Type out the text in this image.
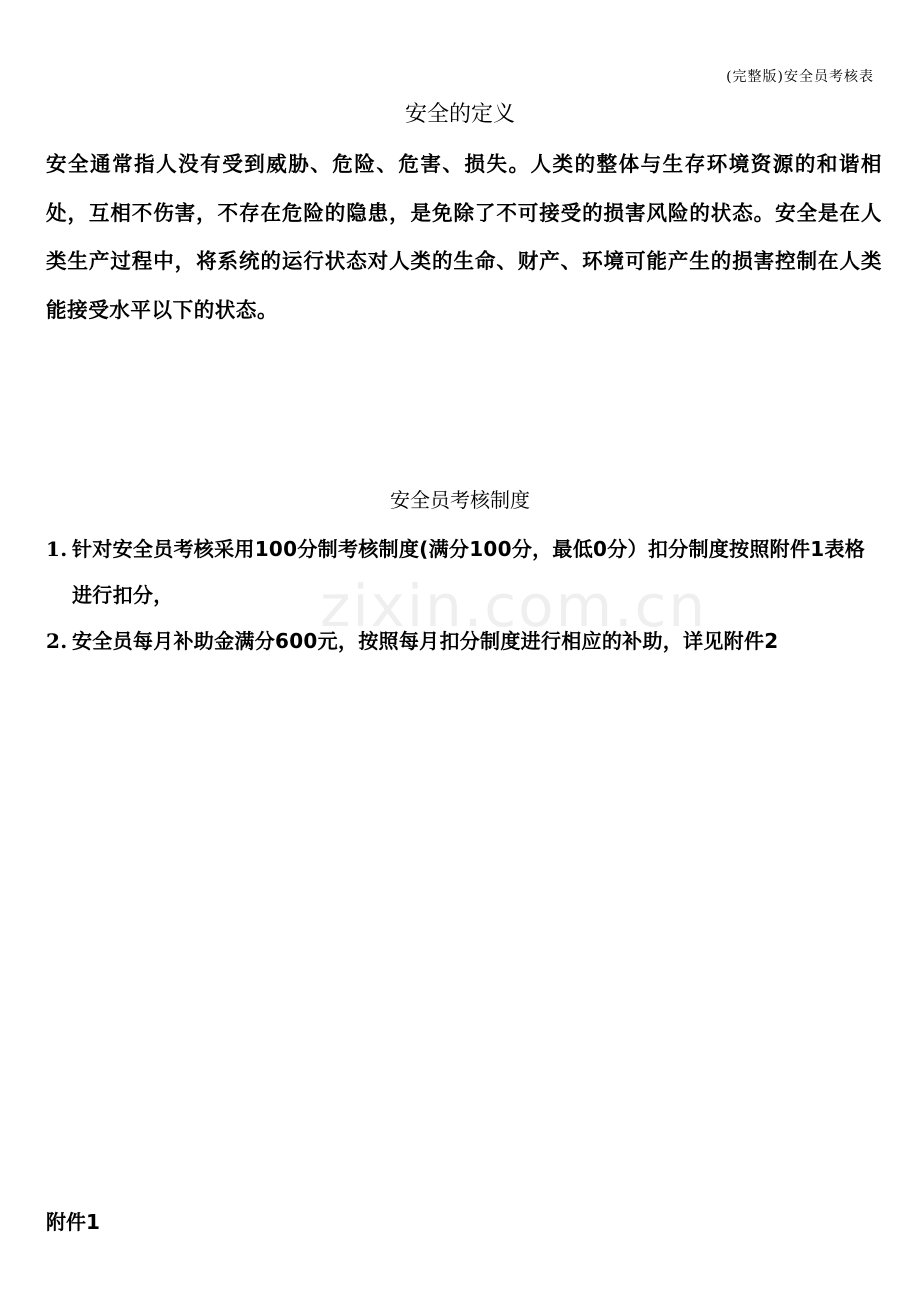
(完整版)安全员考核表
安全的定义
安全通常指人没有受到威胁、危险、危害、损失。人类的整体与生存环境资源的和谐相处，互相不伤害，不存在危险的隐患，是免除了不可接受的损害风险的状态。安全是在人类生产过程中，将系统的运行状态对人类的生命、财产、环境可能产生的损害控制在人类能接受水平以下的状态。
安全员考核制度
1. 针对安全员考核采用100分制考核制度(满分100分，最低0分）扣分制度按照附件1表格进行扣分，
2. 安全员每月补助金满分600元，按照每月扣分制度进行相应的补助，详见附件2
zixin.com.cn
附件1
